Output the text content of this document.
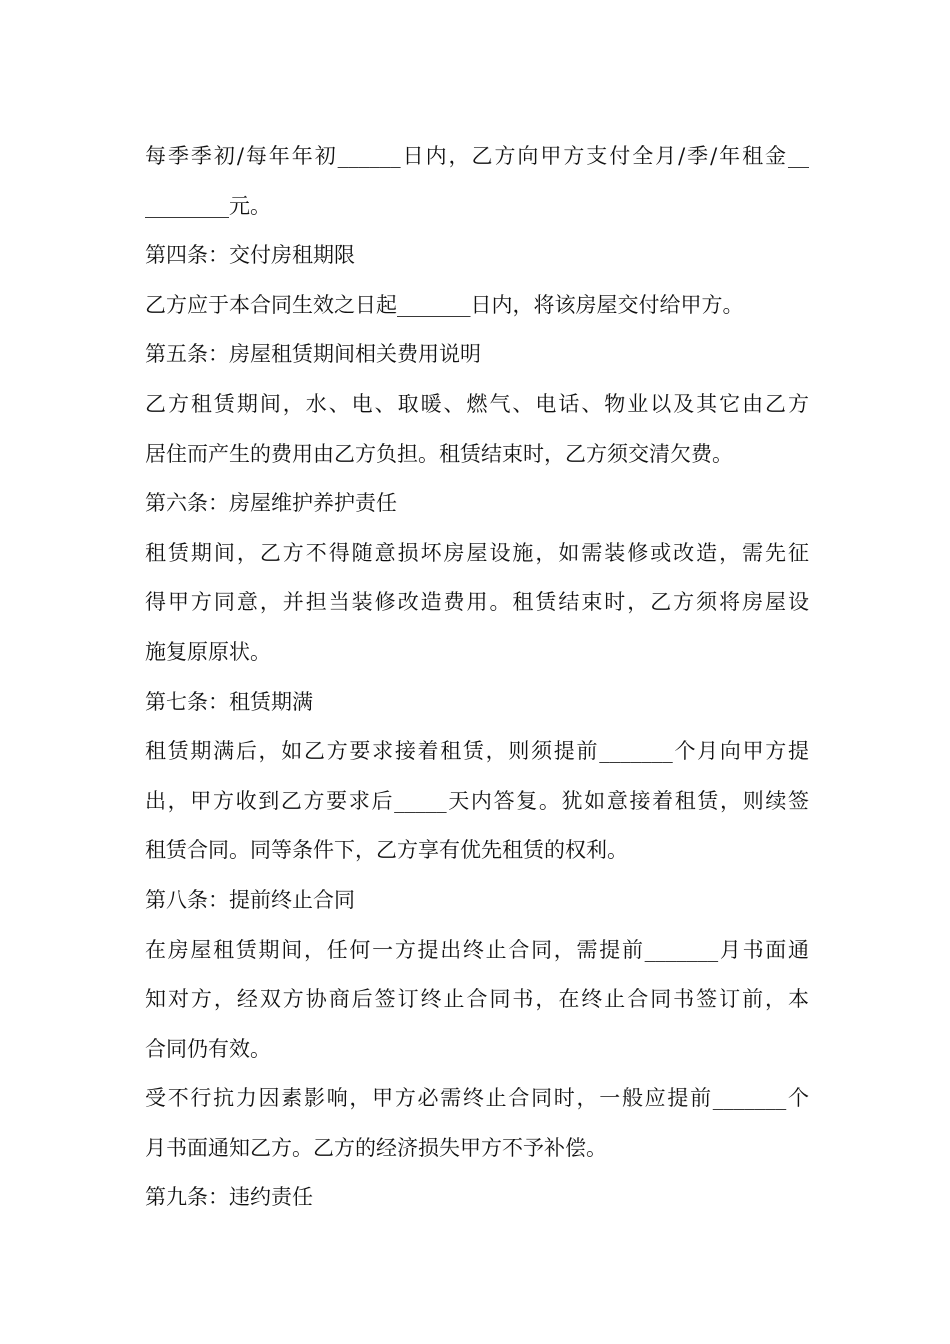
每季季初/每年年初______日内，乙方向甲方支付全月/季/年租金__
________元。
第四条：交付房租期限
乙方应于本合同生效之日起_______日内，将该房屋交付给甲方。
第五条：房屋租赁期间相关费用说明
乙方租赁期间，水、电、取暖、燃气、电话、物业以及其它由乙方
居住而产生的费用由乙方负担。租赁结束时，乙方须交清欠费。
第六条：房屋维护养护责任
租赁期间，乙方不得随意损坏房屋设施，如需装修或改造，需先征
得甲方同意，并担当装修改造费用。租赁结束时，乙方须将房屋设
施复原原状。
第七条：租赁期满
租赁期满后，如乙方要求接着租赁，则须提前_______个月向甲方提
出，甲方收到乙方要求后_____天内答复。犹如意接着租赁，则续签
租赁合同。同等条件下，乙方享有优先租赁的权利。
第八条：提前终止合同
在房屋租赁期间，任何一方提出终止合同，需提前_______月书面通
知对方，经双方协商后签订终止合同书，在终止合同书签订前，本
合同仍有效。
受不行抗力因素影响，甲方必需终止合同时，一般应提前_______个
月书面通知乙方。乙方的经济损失甲方不予补偿。
第九条：违约责任
